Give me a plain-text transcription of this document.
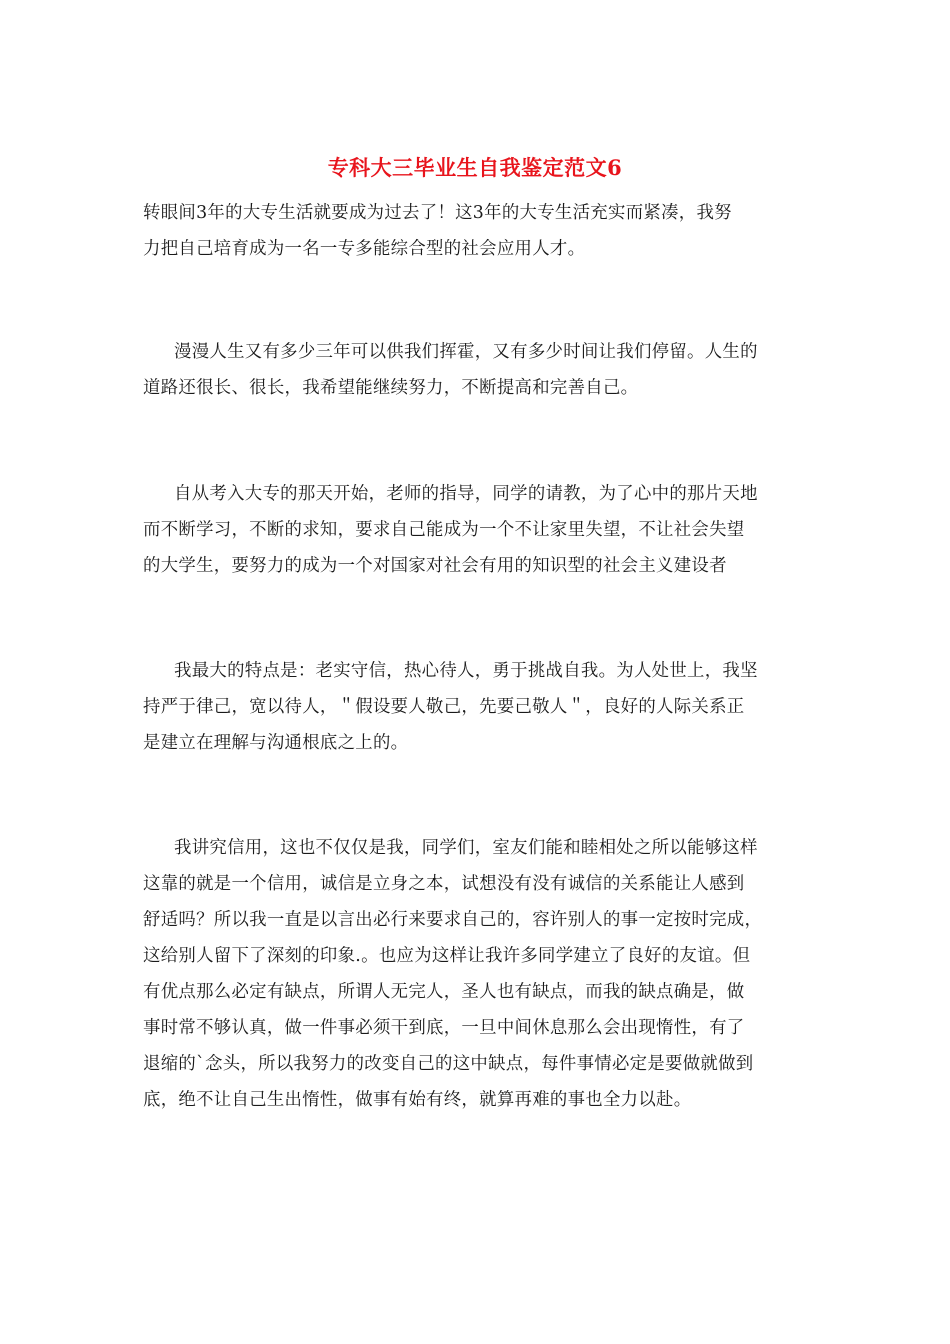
专科大三毕业生自我鉴定范文6

转眼间3年的大专生活就要成为过去了！这3年的大专生活充实而紧凑，我努
力把自己培育成为一名一专多能综合型的社会应用人才。

漫漫人生又有多少三年可以供我们挥霍，又有多少时间让我们停留。人生的
道路还很长、很长，我希望能继续努力，不断提高和完善自己。

自从考入大专的那天开始，老师的指导，同学的请教，为了心中的那片天地
而不断学习，不断的求知，要求自己能成为一个不让家里失望，不让社会失望
的大学生，要努力的成为一个对国家对社会有用的知识型的社会主义建设者

我最大的特点是：老实守信，热心待人，勇于挑战自我。为人处世上，我坚
持严于律己，宽以待人，＂假设要人敬己，先要己敬人＂，良好的人际关系正
是建立在理解与沟通根底之上的。

我讲究信用，这也不仅仅是我，同学们，室友们能和睦相处之所以能够这样
这靠的就是一个信用，诚信是立身之本，试想没有没有诚信的关系能让人感到
舒适吗？所以我一直是以言出必行来要求自己的，容许别人的事一定按时完成，
这给别人留下了深刻的印象.。也应为这样让我许多同学建立了良好的友谊。但
有优点那么必定有缺点，所谓人无完人，圣人也有缺点，而我的缺点确是，做
事时常不够认真，做一件事必须干到底，一旦中间休息那么会出现惰性，有了
退缩的`念头，所以我努力的改变自己的这中缺点，每件事情必定是要做就做到
底，绝不让自己生出惰性，做事有始有终，就算再难的事也全力以赴。
